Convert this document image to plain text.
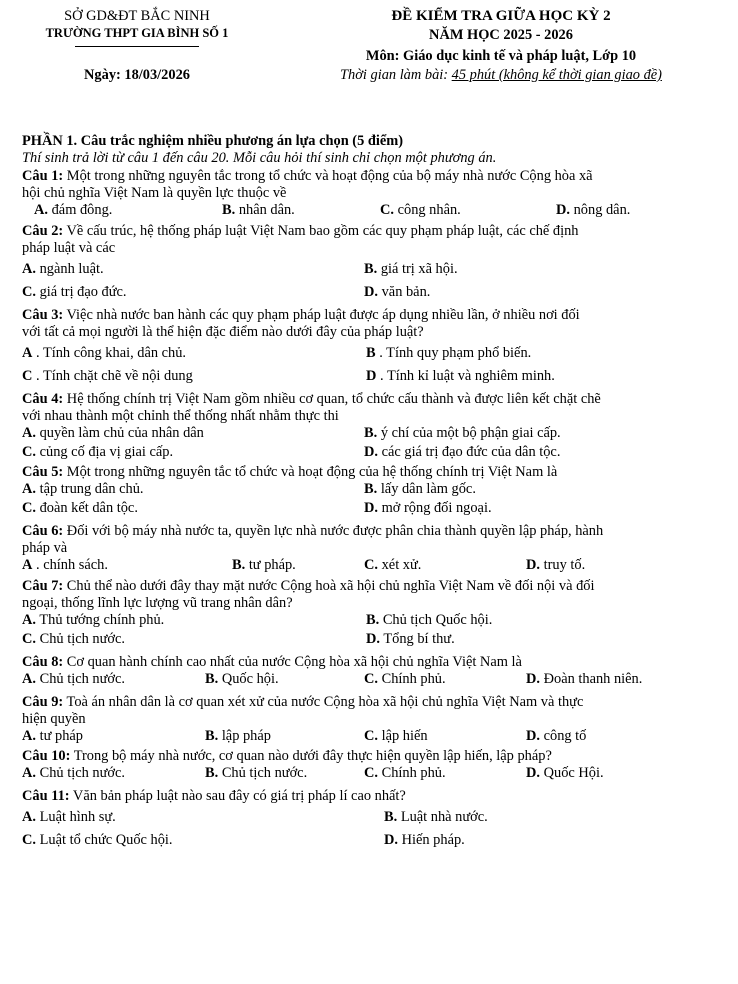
SỞ GD&ĐT BẮC NINH
TRƯỜNG THPT GIA BÌNH SỐ 1
Ngày: 18/03/2026
ĐỀ KIỂM TRA GIỮA HỌC KỲ 2
NĂM HỌC 2025 - 2026
Môn: Giáo dục kinh tế và pháp luật, Lớp 10
Thời gian làm bài: 45 phút (không kể thời gian giao đề)
PHẦN 1. Câu trắc nghiệm nhiều phương án lựa chọn (5 điểm)
Thí sinh trả lời từ câu 1 đến câu 20. Mỗi câu hỏi thí sinh chỉ chọn một phương án.
Câu 1: Một trong những nguyên tắc trong tổ chức và hoạt động của bộ máy nhà nước Cộng hòa xã
hội chủ nghĩa Việt Nam là quyền lực thuộc về
A. đám đông.	B. nhân dân.	C. công nhân.	D. nông dân.
Câu 2: Về cấu trúc, hệ thống pháp luật Việt Nam bao gồm các quy phạm pháp luật, các chế định
pháp luật và các
A. ngành luật.	B. giá trị xã hội.
C. giá trị đạo đức.	D. văn bản.
Câu 3: Việc nhà nước ban hành các quy phạm pháp luật được áp dụng nhiều lần, ở nhiều nơi đối
với tất cả mọi người là thể hiện đặc điểm nào dưới đây của pháp luật?
A . Tính công khai, dân chủ.	B . Tính quy phạm phổ biến.
C . Tính chặt chẽ về nội dung	D . Tính kỉ luật và nghiêm minh.
Câu 4: Hệ thống chính trị Việt Nam gồm nhiều cơ quan, tổ chức cấu thành và được liên kết chặt chẽ
với nhau thành một chỉnh thể thống nhất nhằm thực thi
A. quyền làm chủ của nhân dân	B. ý chí của một bộ phận giai cấp.
C. củng cố địa vị giai cấp.	D. các giá trị đạo đức của dân tộc.
Câu 5: Một trong những nguyên tắc tổ chức và hoạt động của hệ thống chính trị Việt Nam là
A. tập trung dân chủ.	B. lấy dân làm gốc.
C. đoàn kết dân tộc.	D. mở rộng đối ngoại.
Câu 6: Đối với bộ máy nhà nước ta, quyền lực nhà nước được phân chia thành quyền lập pháp, hành
pháp và
A . chính sách.	B. tư pháp.	C. xét xử.	D. truy tố.
Câu 7: Chủ thể nào dưới đây thay mặt nước Cộng hoà xã hội chủ nghĩa Việt Nam về đối nội và đối
ngoại, thống lĩnh lực lượng vũ trang nhân dân?
A. Thủ tướng chính phủ.	B. Chủ tịch Quốc hội.
C. Chủ tịch nước.	D. Tổng bí thư.
Câu 8: Cơ quan hành chính cao nhất của nước Cộng hòa xã hội chủ nghĩa Việt Nam là
A. Chủ tịch nước.	B. Quốc hội.	C. Chính phủ.	D. Đoàn thanh niên.
Câu 9: Toà án nhân dân là cơ quan xét xử của nước Cộng hòa xã hội chủ nghĩa Việt Nam và thực
hiện quyền
A. tư pháp	B. lập pháp	C. lập hiến	D. công tố
Câu 10: Trong bộ máy nhà nước, cơ quan nào dưới đây thực hiện quyền lập hiến, lập pháp?
A. Chủ tịch nước.	B. Chủ tịch nước.	C. Chính phủ.	D. Quốc Hội.
Câu 11: Văn bản pháp luật nào sau đây có giá trị pháp lí cao nhất?
A. Luật hình sự.	B. Luật nhà nước.
C. Luật tổ chức Quốc hội.	D. Hiến pháp.
